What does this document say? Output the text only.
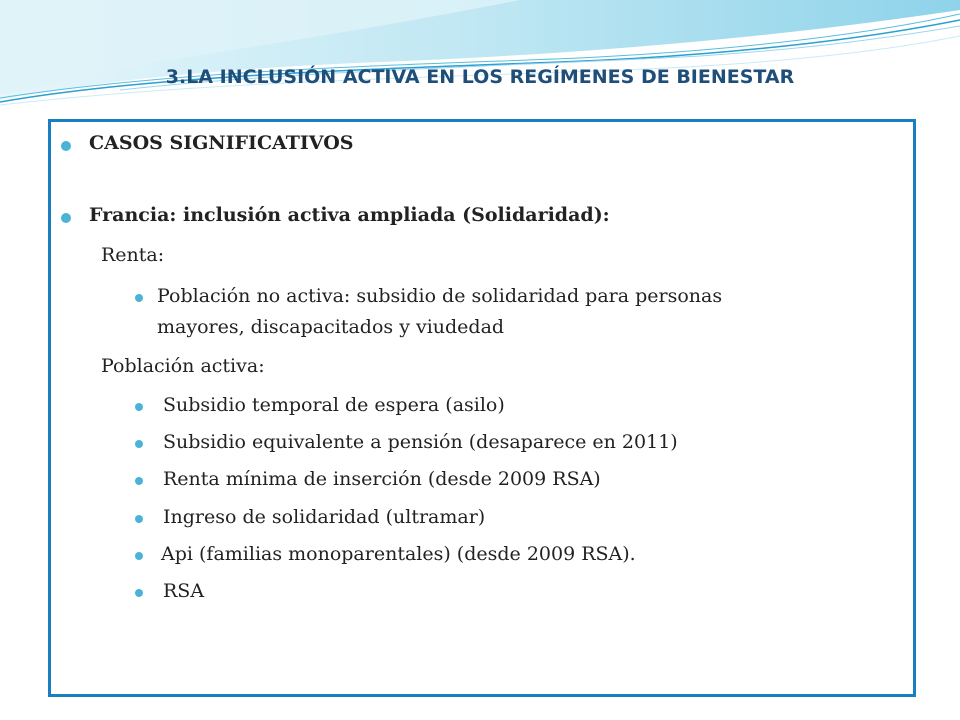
3.LA INCLUSIÓN ACTIVA EN LOS REGÍMENES DE BIENESTAR
CASOS SIGNIFICATIVOS
Francia: inclusión activa ampliada (Solidaridad):
Renta:
Población no activa: subsidio de solidaridad para personas
mayores, discapacitados y viudedad
Población activa:
Subsidio temporal de espera (asilo)
Subsidio equivalente a pensión (desaparece en 2011)
Renta mínima de inserción (desde 2009 RSA)
Ingreso de solidaridad (ultramar)
Api (familias monoparentales) (desde 2009 RSA).
RSA
